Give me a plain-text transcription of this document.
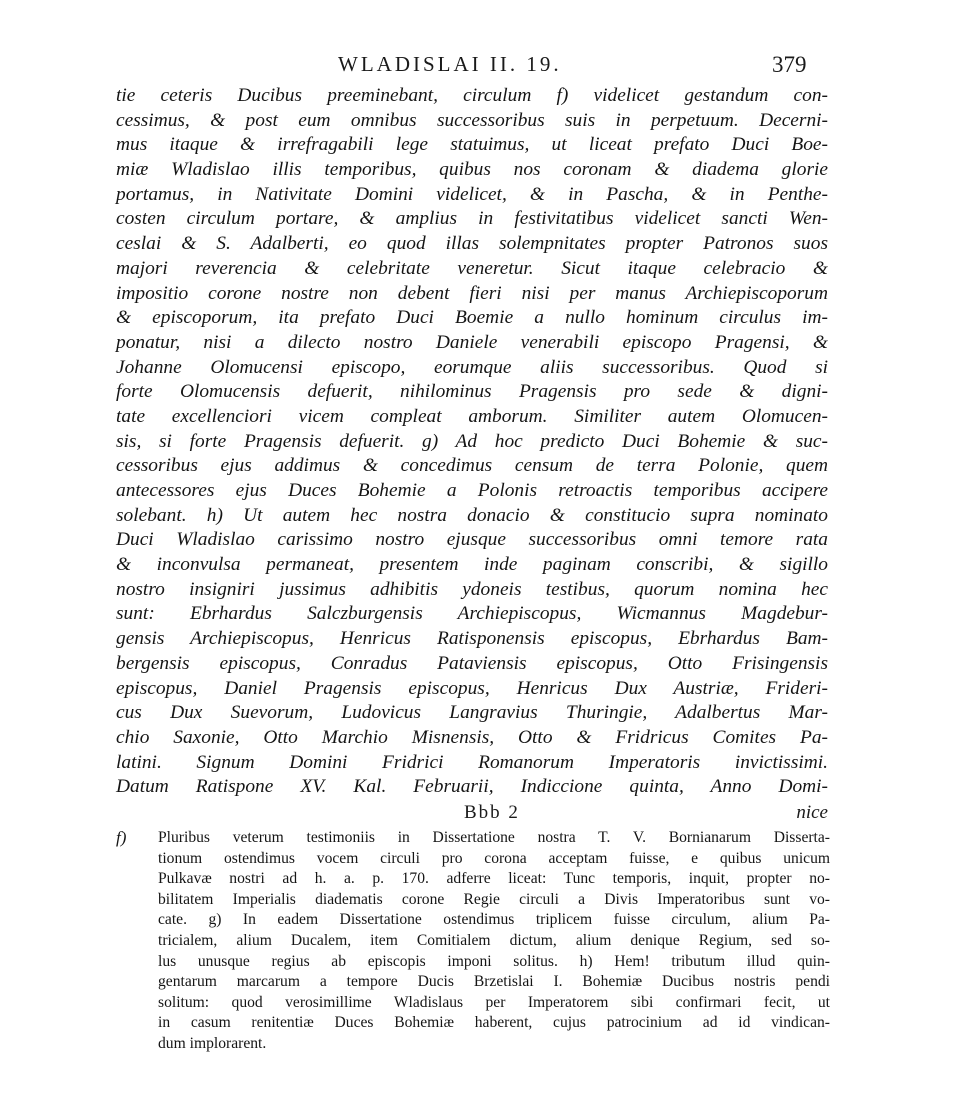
WLADISLAI II. 19.	379
tie ceteris Ducibus preeminebant, circulum f) videlicet gestandum con-
cessimus, & post eum omnibus successoribus suis in perpetuum. Decerni-
mus itaque & irrefragabili lege statuimus, ut liceat prefato Duci Boe-
miæ Wladislao illis temporibus, quibus nos coronam & diadema glorie
portamus, in Nativitate Domini videlicet, & in Pascha, & in Penthe-
costen circulum portare, & amplius in festivitatibus videlicet sancti Wen-
ceslai & S. Adalberti, eo quod illas solempnitates propter Patronos suos
majori reverencia & celebritate veneretur. Sicut itaque celebracio &
impositio corone nostre non debent fieri nisi per manus Archiepiscoporum
& episcoporum, ita prefato Duci Boemie a nullo hominum circulus im-
ponatur, nisi a dilecto nostro Daniele venerabili episcopo Pragensi, &
Johanne Olomucensi episcopo, eorumque aliis successoribus. Quod si
forte Olomucensis defuerit, nihilominus Pragensis pro sede & digni-
tate excellenciori vicem compleat amborum. Similiter autem Olomucen-
sis, si forte Pragensis defuerit. g) Ad hoc predicto Duci Bohemie & suc-
cessoribus ejus addimus & concedimus censum de terra Polonie, quem
antecessores ejus Duces Bohemie a Polonis retroactis temporibus accipere
solebant. h) Ut autem hec nostra donacio & constitucio supra nominato
Duci Wladislao carissimo nostro ejusque successoribus omni temore rata
& inconvulsa permaneat, presentem inde paginam conscribi, & sigillo
nostro insigniri jussimus adhibitis ydoneis testibus, quorum nomina hec
sunt: Ebrhardus Salczburgensis Archiepiscopus, Wicmannus Magdebur-
gensis Archiepiscopus, Henricus Ratisponensis episcopus, Ebrhardus Bam-
bergensis episcopus, Conradus Pataviensis episcopus, Otto Frisingensis
episcopus, Daniel Pragensis episcopus, Henricus Dux Austriæ, Frideri-
cus Dux Suevorum, Ludovicus Langravius Thuringie, Adalbertus Mar-
chio Saxonie, Otto Marchio Misnensis, Otto & Fridricus Comites Pa-
latini. Signum Domini Fridrici Romanorum Imperatoris invictissimi.
Datum Ratispone XV. Kal. Februarii, Indiccione quinta, Anno Domi-
Bbb 2	nice
f) Pluribus veterum testimoniis in Dissertatione nostra T. V. Bornianarum Disserta-
tionum ostendimus vocem circuli pro corona acceptam fuisse, e quibus unicum
Pulkavæ nostri ad h. a. p. 170. adferre liceat: Tunc temporis, inquit, propter no-
bilitatem Imperialis diadematis corone Regie circuli a Divis Imperatoribus sunt vo-
cate. g) In eadem Dissertatione ostendimus triplicem fuisse circulum, alium Pa-
tricialem, alium Ducalem, item Comitialem dictum, alium denique Regium, sed so-
lus unusque regius ab episcopis imponi solitus. h) Hem! tributum illud quin-
gentarum marcarum a tempore Ducis Brzetislai I. Bohemiæ Ducibus nostris pendi
solitum: quod verosimillime Wladislaus per Imperatorem sibi confirmari fecit, ut
in casum renitentiæ Duces Bohemiæ haberent, cujus patrocinium ad id vindican-
dum implorarent.
